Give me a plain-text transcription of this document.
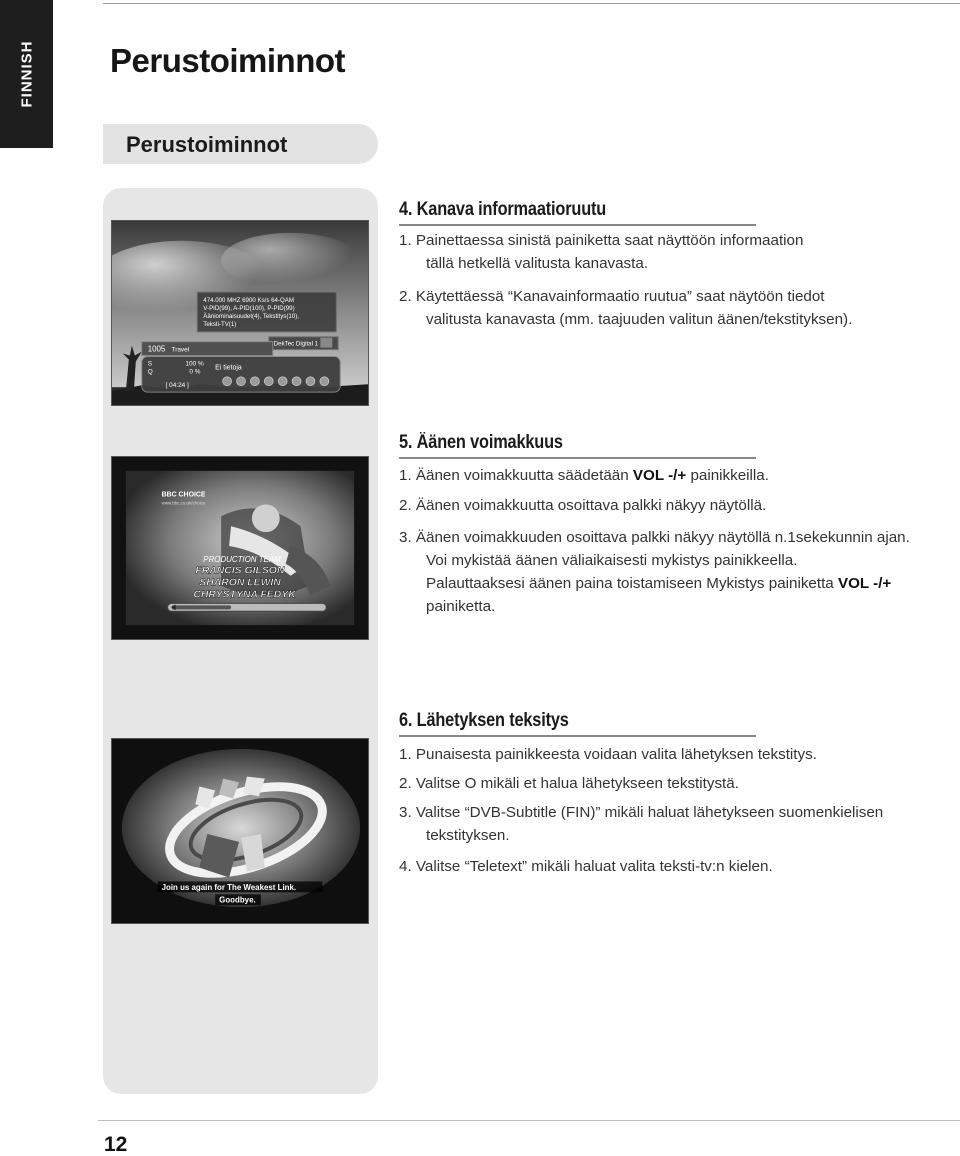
FINNISH Perustoiminnot
Perustoiminnot
474.000 MHZ 6900 Ks/s 64-QAM
V-PID(99), A-PID(100), P-PID(99)
Ääniominaisuudet(4), Tekstitys(10),
Teksti-TV(1)
DekTec Digital 1
1005 Travel
S
Q
100 %
0 %
Ei tietoja
[ 04:24 ]
BBC CHOICE
www.bbc.co.uk/choice
PRODUCTION TEAM
FRANCIS GILSON
SHARON LEWIN
CHRYSTYNA FEDYK
Join us again for The Weakest Link.
Goodbye.
4. Kanava informaatioruutu
1. Painettaessa sinistä painiketta saat näyttöön informaation
tällä hetkellä valitusta kanavasta.
2. Käytettäessä “Kanavainformaatio ruutua” saat näytöön tiedot
valitusta kanavasta (mm. taajuuden valitun äänen/tekstityksen).
5. Äänen voimakkuus
1. Äänen voimakkuutta säädetään VOL -/+ painikkeilla.
2. Äänen voimakkuutta osoittava palkki näkyy näytöllä.
3. Äänen voimakkuuden osoittava palkki näkyy näytöllä n.1sekekunnin ajan.
Voi mykistää äänen väliaikaisesti mykistys painikkeella.
Palauttaaksesi äänen paina toistamiseen Mykistys painiketta VOL -/+
painiketta.
6. Lähetyksen teksitys
1. Punaisesta painikkeesta voidaan valita lähetyksen tekstitys.
2. Valitse O mikäli et halua lähetykseen tekstitystä.
3. Valitse “DVB-Subtitle (FIN)” mikäli haluat lähetykseen suomenkielisen
tekstityksen.
4. Valitse “Teletext” mikäli haluat valita teksti-tv:n kielen.
12
